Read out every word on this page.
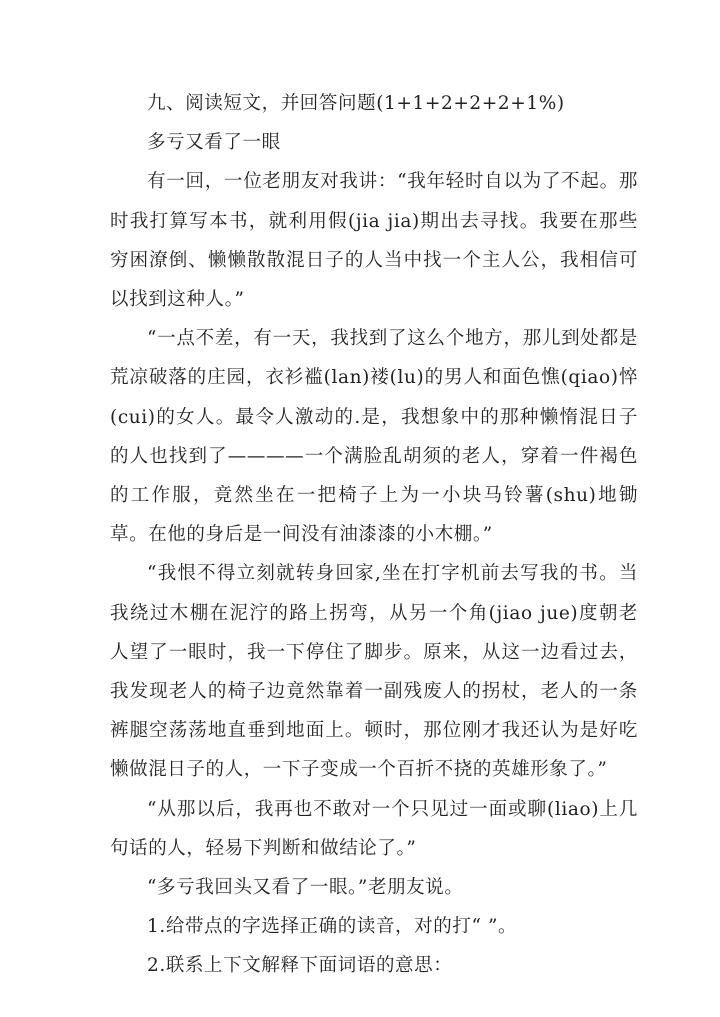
九、阅读短文，并回答问题(1+1+2+2+2+1%)

多亏又看了一眼

有一回，一位老朋友对我讲：“我年轻时自以为了不起。那时我打算写本书，就利用假(jia jia)期出去寻找。我要在那些穷困潦倒、懒懒散散混日子的人当中找一个主人公，我相信可以找到这种人。”

“一点不差，有一天，我找到了这么个地方，那儿到处都是荒凉破落的庄园，衣衫褴(lan)褛(lu)的男人和面色憔(qiao)悴(cui)的女人。最令人激动的.是，我想象中的那种懒惰混日子的人也找到了————一个满脸乱胡须的老人，穿着一件褐色的工作服，竟然坐在一把椅子上为一小块马铃薯(shu)地锄草。在他的身后是一间没有油漆漆的小木棚。”

“我恨不得立刻就转身回家,坐在打字机前去写我的书。当我绕过木棚在泥泞的路上拐弯，从另一个角(jiao jue)度朝老人望了一眼时，我一下停住了脚步。原来，从这一边看过去，我发现老人的椅子边竟然靠着一副残废人的拐杖，老人的一条裤腿空荡荡地直垂到地面上。顿时，那位刚才我还认为是好吃懒做混日子的人，一下子变成一个百折不挠的英雄形象了。”

“从那以后，我再也不敢对一个只见过一面或聊(liao)上几句话的人，轻易下判断和做结论了。”

“多亏我回头又看了一眼。”老朋友说。

1.给带点的字选择正确的读音，对的打“ ”。

2.联系上下文解释下面词语的意思：
